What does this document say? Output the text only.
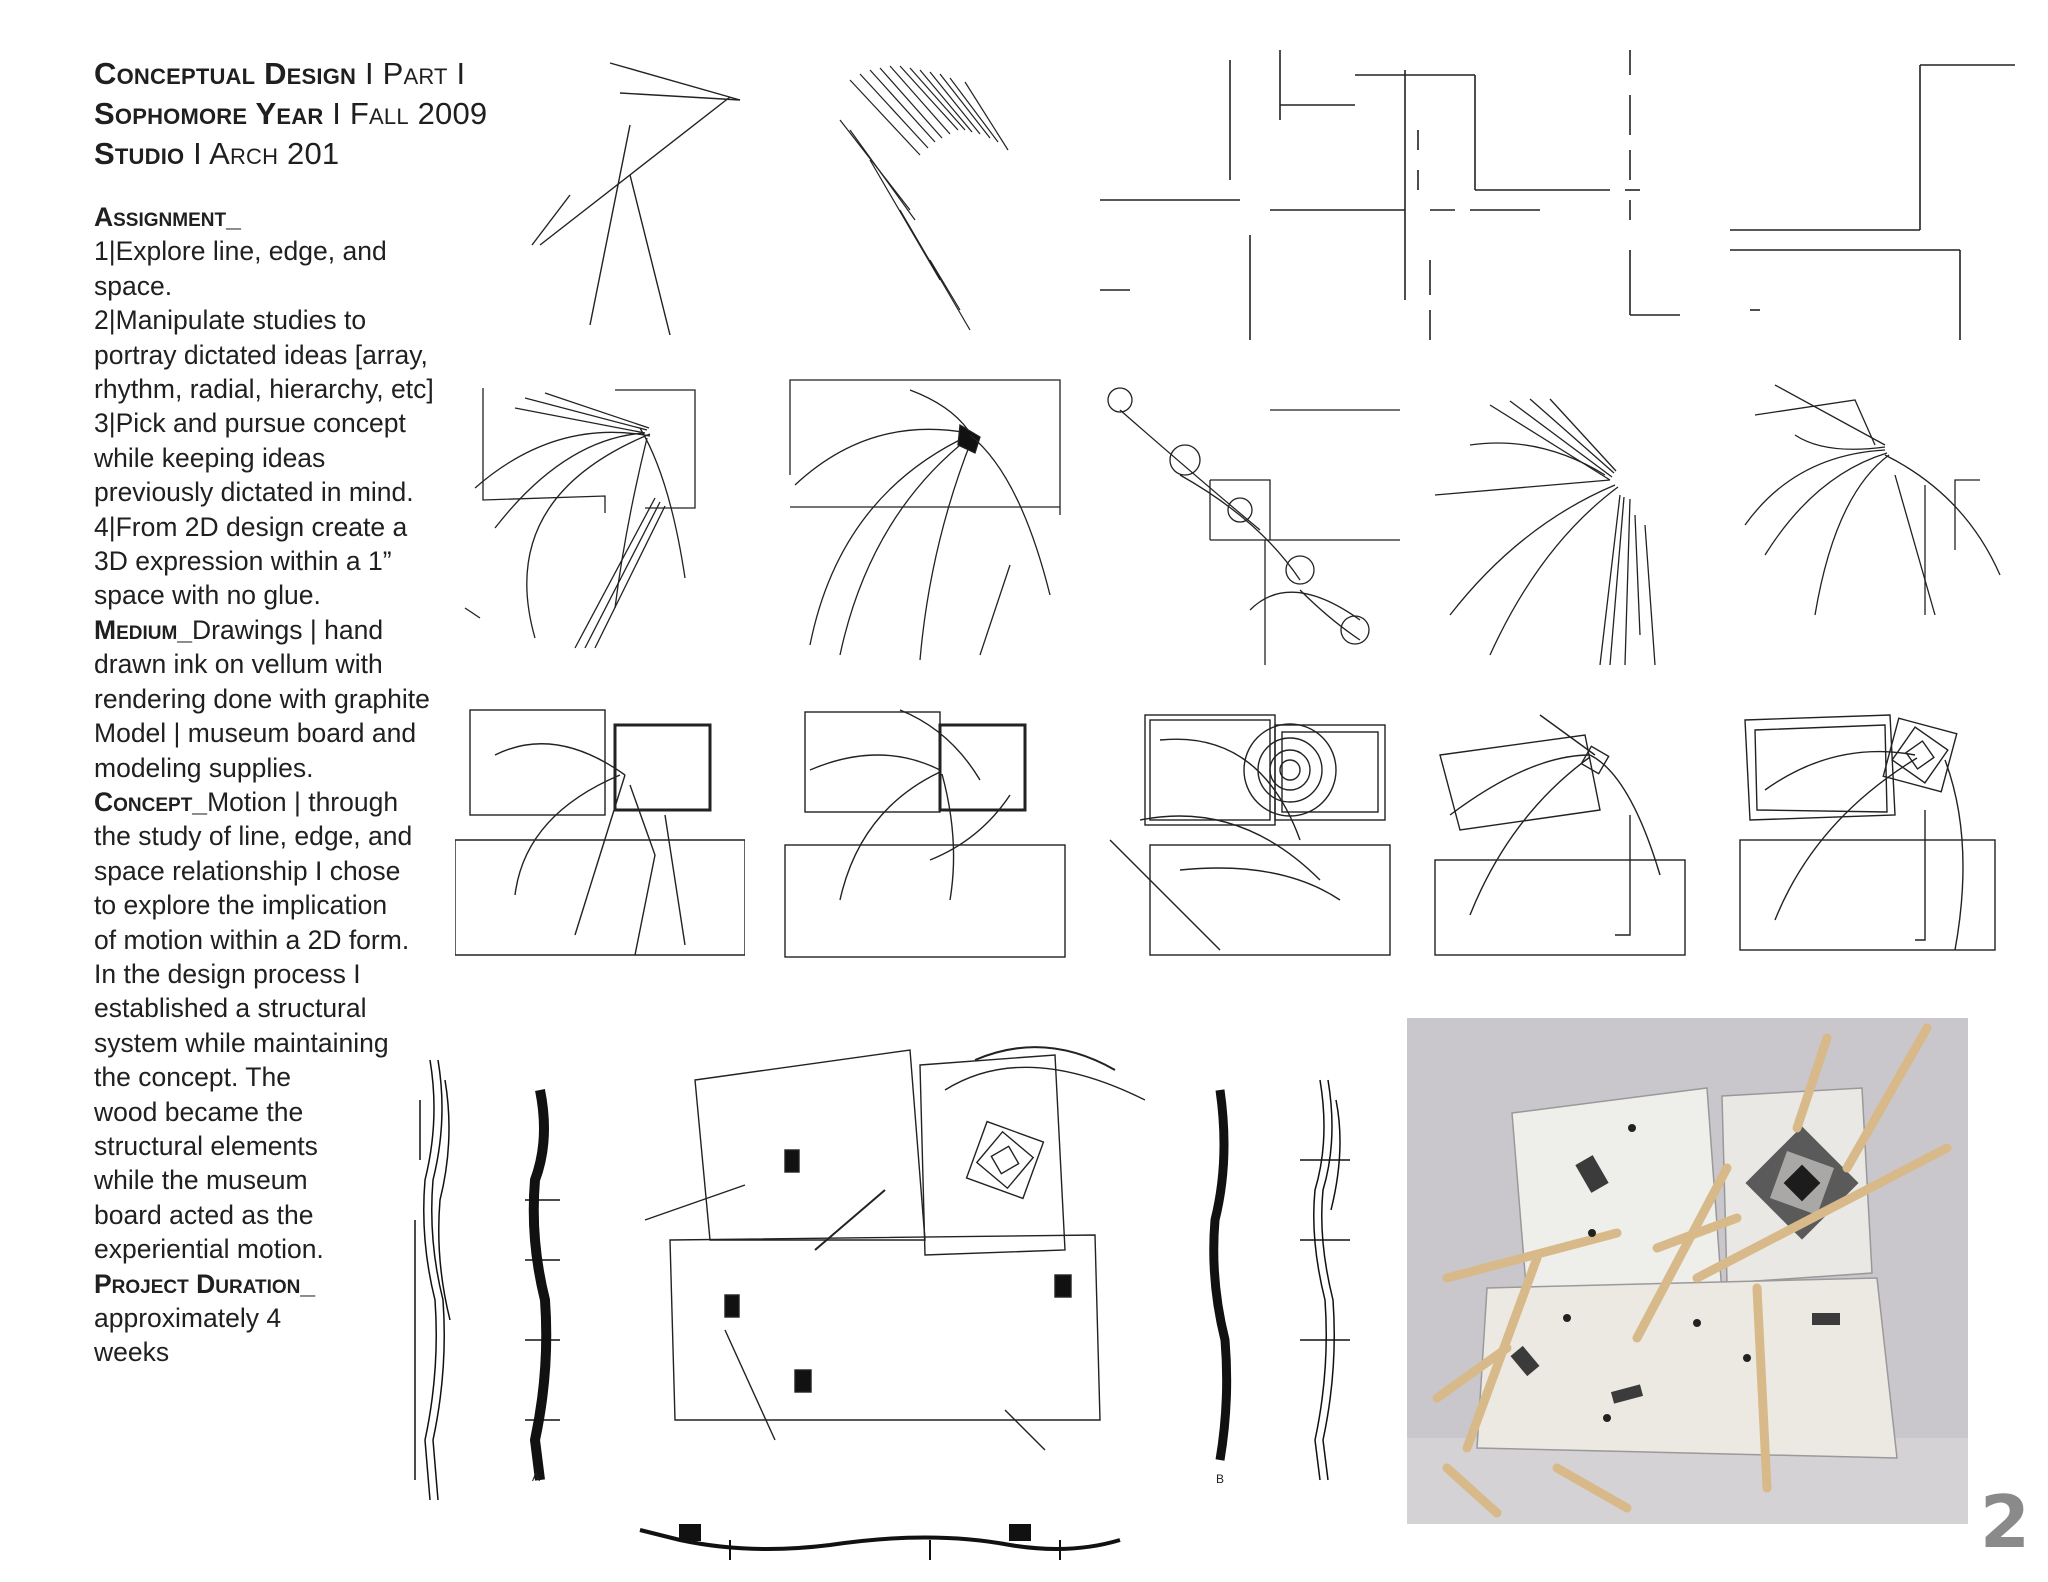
Conceptual Design I Part I
Sophomore Year I Fall 2009
Studio I Arch 201
Assignment_
1|Explore line, edge, and
space.
2|Manipulate studies to
portray dictated ideas [array,
rhythm, radial, hierarchy, etc]
3|Pick and pursue concept
while keeping ideas
previously dictated in mind.
4|From 2D design create a
3D expression within a 1”
space with no glue.
Medium_Drawings | hand
drawn ink on vellum with
rendering done with graphite
Model | museum board and
modeling supplies.
Concept_Motion | through
the study of line, edge, and
space relationship I chose
to explore the implication
of motion within a 2D form.
In the design process I
established a structural
system while maintaining
the concept. The
wood became the
structural elements
while the museum
board acted as the
experiential motion.
Project Duration_
approximately 4
weeks
A	B
2
